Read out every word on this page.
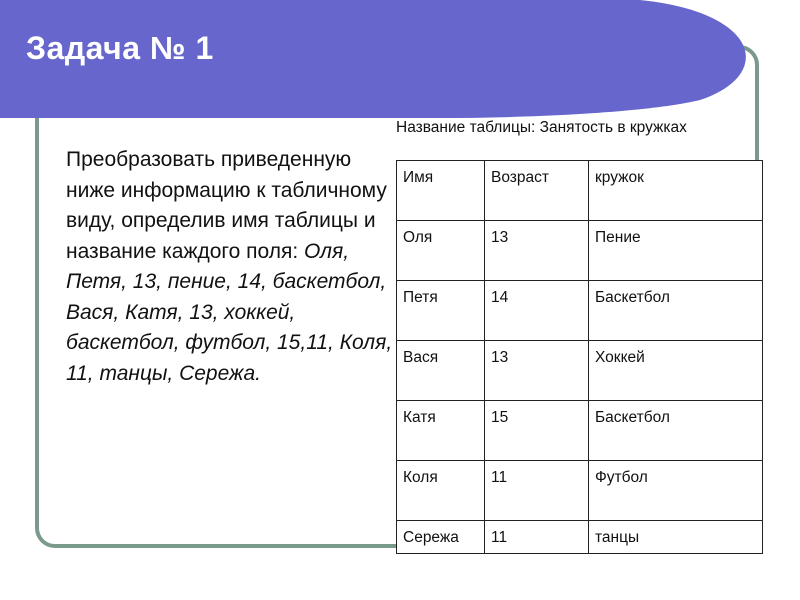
Задача № 1
Преобразовать приведенную ниже информацию к табличному виду, определив имя таблицы и название каждого поля: Оля, Петя, 13, пение, 14, баскетбол, Вася, Катя, 13, хоккей, баскетбол, футбол, 15,11, Коля, 11, танцы, Сережа.
Название таблицы: Занятость в кружках
Имя	Возраст	кружок
Оля	13	Пение
Петя	14	Баскетбол
Вася	13	Хоккей
Катя	15	Баскетбол
Коля	11	Футбол
Сережа	11	танцы
